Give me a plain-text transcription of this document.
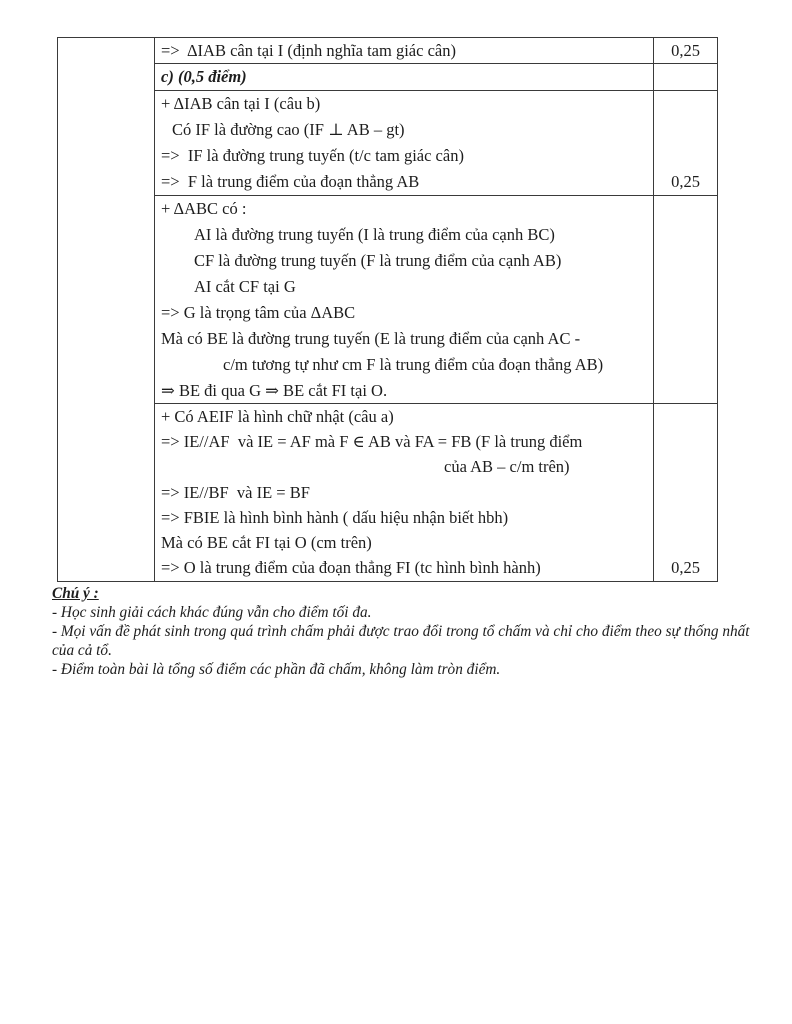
=>  ΔIAB cân tại I (định nghĩa tam giác cân)	0,25
c) (0,5 điểm)
+ ΔIAB cân tại I (câu b)
Có IF là đường cao (IF ⊥ AB – gt)
=>  IF là đường trung tuyến (t/c tam giác cân)
=>  F là trung điểm của đoạn thẳng AB	0,25
+ ΔABC có :
AI là đường trung tuyến (I là trung điểm của cạnh BC)
CF là đường trung tuyến (F là trung điểm của cạnh AB)
AI cắt CF tại G
=> G là trọng tâm của ΔABC
Mà có BE là đường trung tuyến (E là trung điểm của cạnh AC -
c/m tương tự như cm F là trung điểm của đoạn thẳng AB)
⇒ BE đi qua G ⇒ BE cắt FI tại O.
+ Có AEIF là hình chữ nhật (câu a)
=> IE//AF  và IE = AF mà F ∈ AB và FA = FB (F là trung điểm
của AB – c/m trên)
=> IE//BF  và IE = BF
=> FBIE là hình bình hành ( dấu hiệu nhận biết hbh)
Mà có BE cắt FI tại O (cm trên)
=> O là trung điểm của đoạn thẳng FI (tc hình bình hành)	0,25
Chú ý :
- Học sinh giải cách khác đúng vẫn cho điểm tối đa.
- Mọi vấn đề phát sinh trong quá trình chấm phải được trao đổi trong tổ chấm và chỉ cho điểm theo sự thống nhất của cả tổ.
- Điểm toàn bài là tổng số điểm các phần đã chấm, không làm tròn điểm.
